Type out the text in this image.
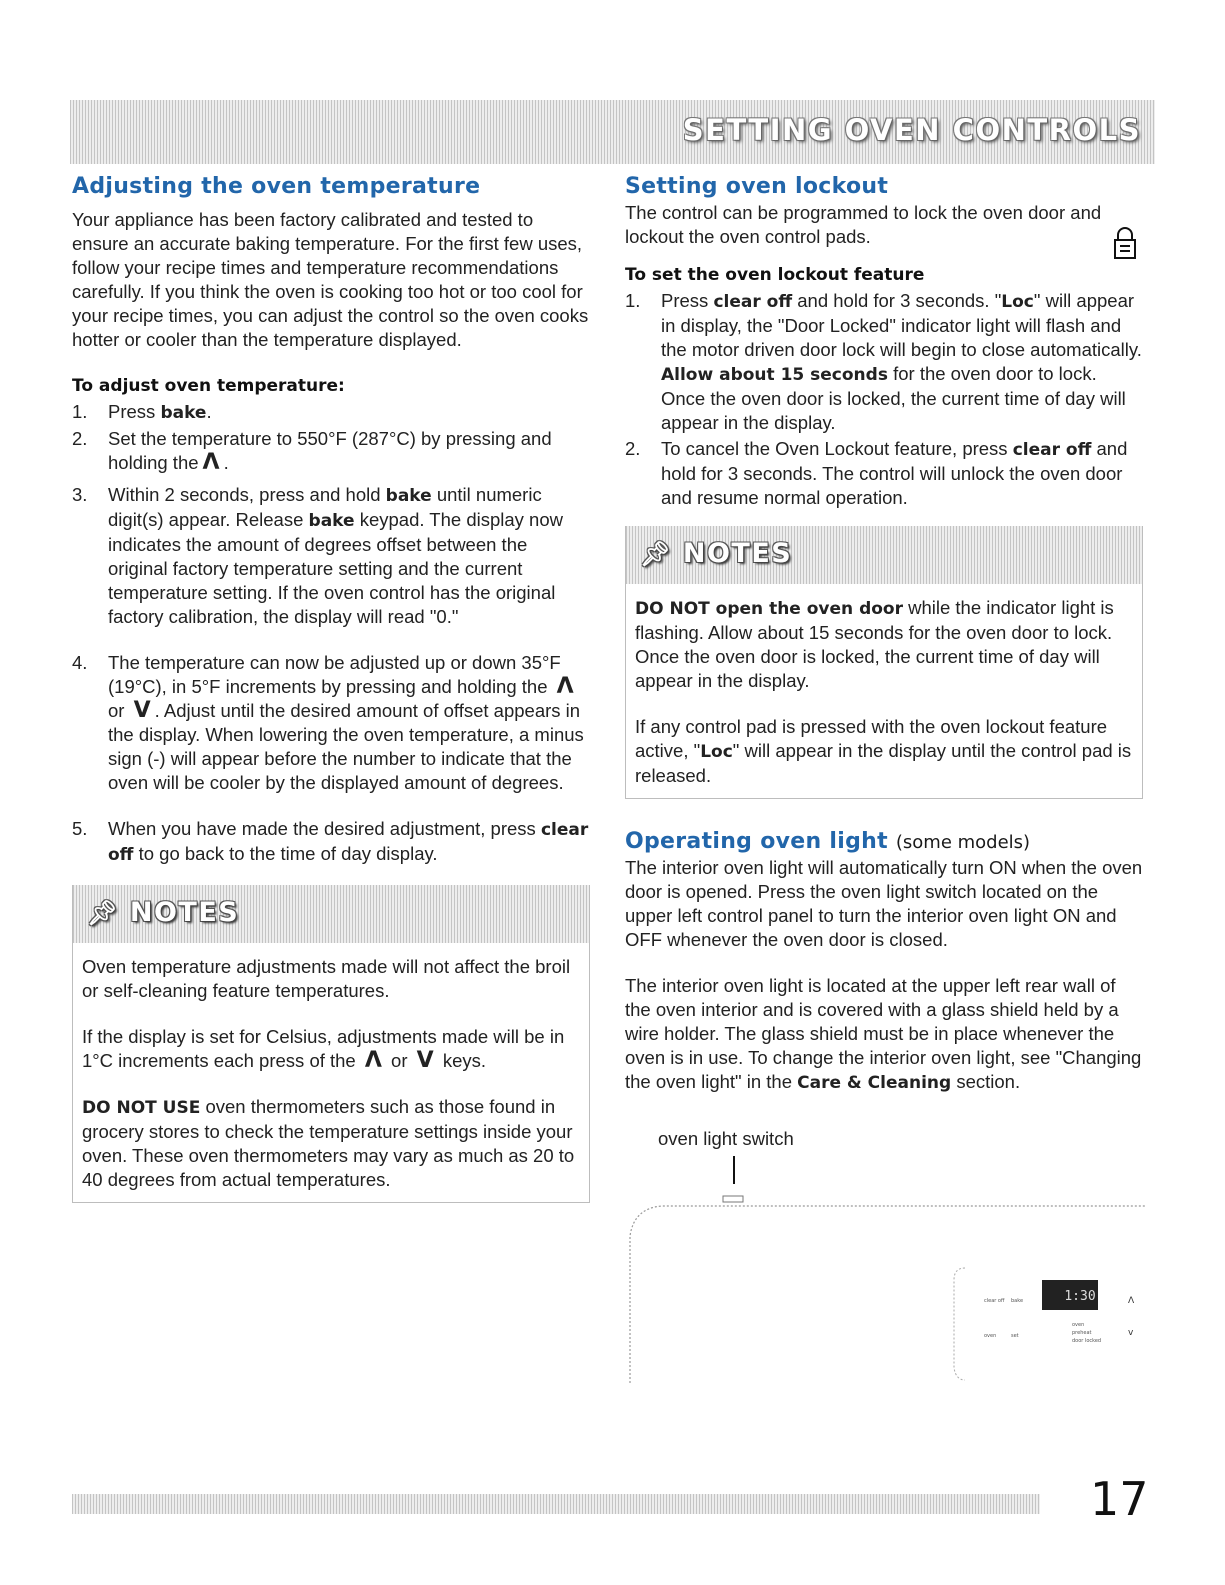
SETTING OVEN CONTROLS
Adjusting the oven temperature
Your appliance has been factory calibrated and tested to ensure an accurate baking temperature. For the first few uses, follow your recipe times and temperature recommendations carefully. If you think the oven is cooking too hot or too cool for your recipe times, you can adjust the control so the oven cooks hotter or cooler than the temperature displayed.
To adjust oven temperature:
1. Press bake.
2. Set the temperature to 550°F (287°C) by pressing and holding the Λ .
3. Within 2 seconds, press and hold bake until numeric digit(s) appear. Release bake keypad. The display now indicates the amount of degrees offset between the original factory temperature setting and the current temperature setting. If the oven control has the original factory calibration, the display will read "0."
4. The temperature can now be adjusted up or down 35°F (19°C), in 5°F increments by pressing and holding the Λ or V . Adjust until the desired amount of offset appears in the display. When lowering the oven temperature, a minus sign (-) will appear before the number to indicate that the oven will be cooler by the displayed amount of degrees.
5. When you have made the desired adjustment, press clear off to go back to the time of day display.
📌︎ NOTES
Oven temperature adjustments made will not affect the broil or self-cleaning feature temperatures.
If the display is set for Celsius, adjustments made will be in 1°C increments each press of the Λ or V keys.
DO NOT USE oven thermometers such as those found in grocery stores to check the temperature settings inside your oven. These oven thermometers may vary as much as 20 to 40 degrees from actual temperatures.
Setting oven lockout
The control can be programmed to lock the oven door and lockout the oven control pads.
To set the oven lockout feature
1. Press clear off and hold for 3 seconds. "Loc" will appear in display, the "Door Locked" indicator light will flash and the motor driven door lock will begin to close automatically. Allow about 15 seconds for the oven door to lock. Once the oven door is locked, the current time of day will appear in the display.
2. To cancel the Oven Lockout feature, press clear off and hold for 3 seconds. The control will unlock the oven door and resume normal operation.
📌︎ NOTES
DO NOT open the oven door while the indicator light is flashing. Allow about 15 seconds for the oven door to lock. Once the oven door is locked, the current time of day will appear in the display.
If any control pad is pressed with the oven lockout feature active, "Loc" will appear in the display until the control pad is released.
Operating oven light (some models)
The interior oven light will automatically turn ON when the oven door is opened. Press the oven light switch located on the upper left control panel to turn the interior oven light ON and OFF whenever the oven door is closed.
The interior oven light is located at the upper left rear wall of the oven interior and is covered with a glass shield held by a wire holder. The glass shield must be in place whenever the oven is in use. To change the interior oven light, see "Changing the oven light" in the Care & Cleaning section.
oven light switch
clear off bake
oven	set
oven
preheat
door locked
1:30	Λ
v
17
